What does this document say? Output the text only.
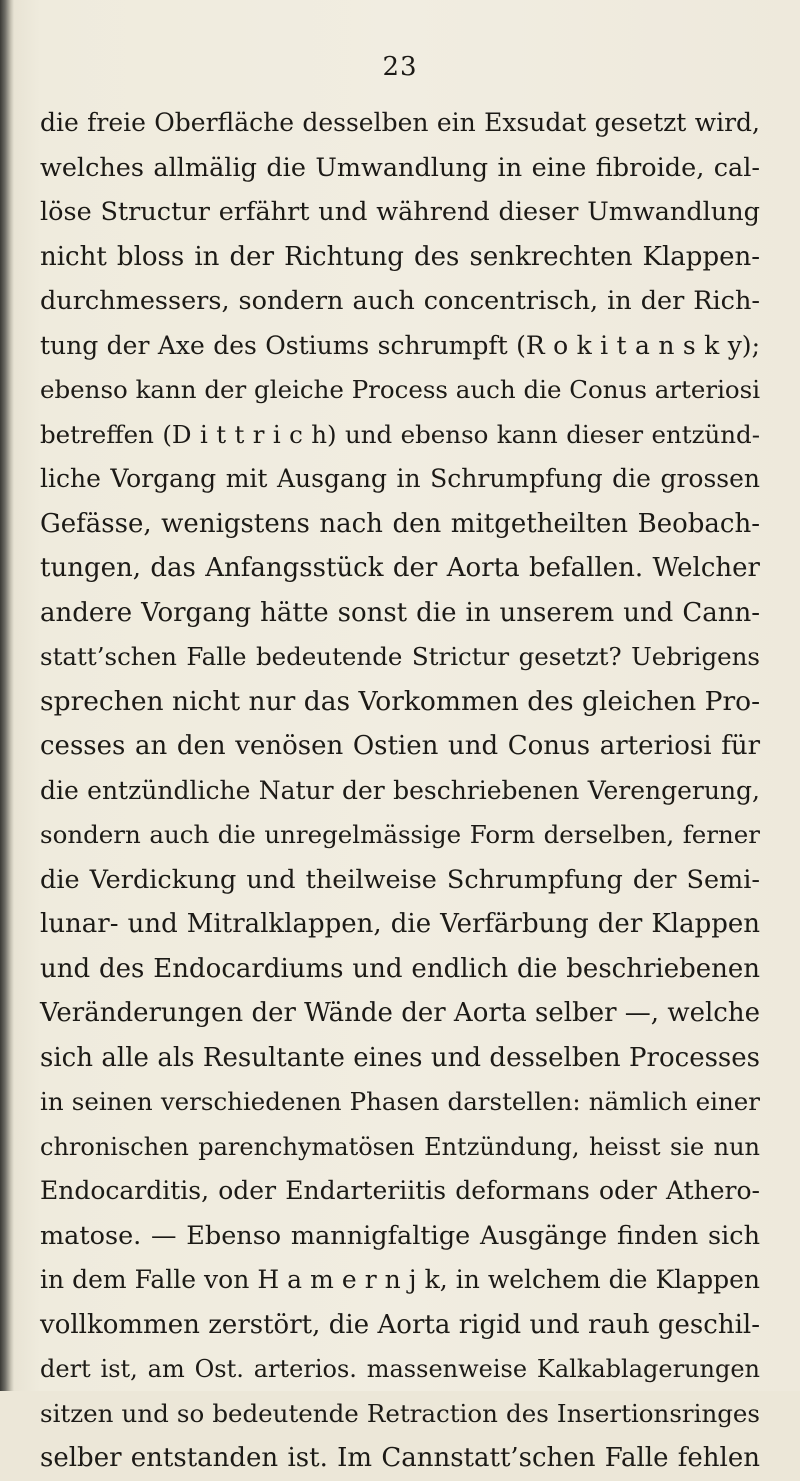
23
die freie Oberfläche desselben ein Exsudat gesetzt wird,
welches allmälig die Umwandlung in eine fibroide, cal-
löse Structur erfährt und während dieser Umwandlung
nicht bloss in der Richtung des senkrechten Klappen-
durchmessers, sondern auch concentrisch, in der Rich-
tung der Axe des Ostiums schrumpft (R o k i t a n s k y);
ebenso kann der gleiche Process auch die Conus arteriosi
betreffen (D i t t r i c h) und ebenso kann dieser entzünd-
liche Vorgang mit Ausgang in Schrumpfung die grossen
Gefässe, wenigstens nach den mitgetheilten Beobach-
tungen, das Anfangsstück der Aorta befallen. Welcher
andere Vorgang hätte sonst die in unserem und Cann-
statt’schen Falle bedeutende Strictur gesetzt? Uebrigens
sprechen nicht nur das Vorkommen des gleichen Pro-
cesses an den venösen Ostien und Conus arteriosi für
die entzündliche Natur der beschriebenen Verengerung,
sondern auch die unregelmässige Form derselben, ferner
die Verdickung und theilweise Schrumpfung der Semi-
lunar- und Mitralklappen, die Verfärbung der Klappen
und des Endocardiums und endlich die beschriebenen
Veränderungen der Wände der Aorta selber —, welche
sich alle als Resultante eines und desselben Processes
in seinen verschiedenen Phasen darstellen: nämlich einer
chronischen parenchymatösen Entzündung, heisst sie nun
Endocarditis, oder Endarteriitis deformans oder Athero-
matose. — Ebenso mannigfaltige Ausgänge finden sich
in dem Falle von H a m e r n j k, in welchem die Klappen
vollkommen zerstört, die Aorta rigid und rauh geschil-
dert ist, am Ost. arterios. massenweise Kalkablagerungen
sitzen und so bedeutende Retraction des Insertionsringes
selber entstanden ist. Im Cannstatt’schen Falle fehlen
